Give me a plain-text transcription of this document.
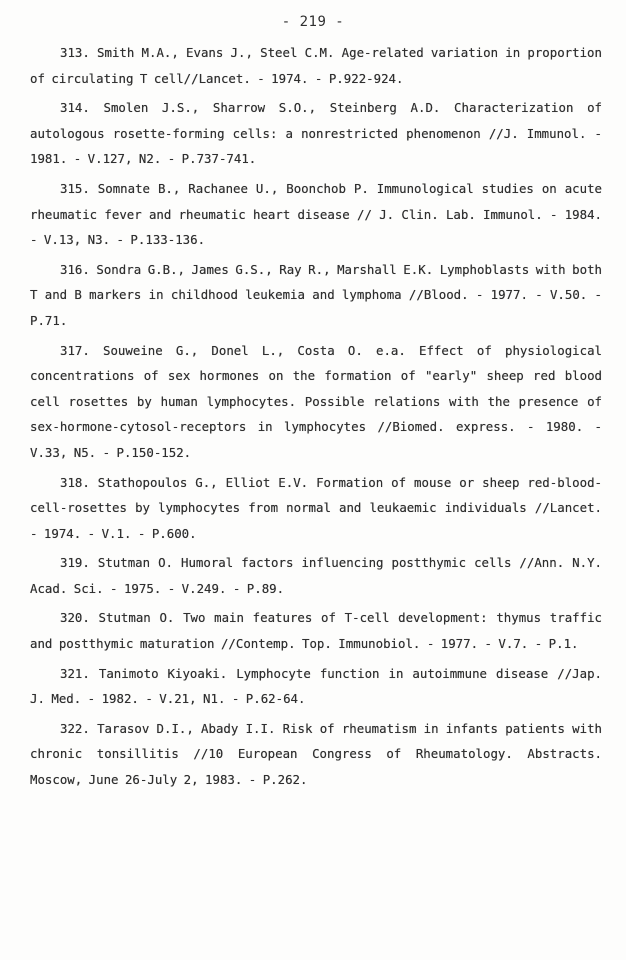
- 219 -

313. Smith M.A., Evans J., Steel C.M. Age-related variation in proportion of circulating T cell//Lancet. - 1974. - P.922-924.

314. Smolen J.S., Sharrow S.O., Steinberg A.D. Characterization of autologous rosette-forming cells: a nonrestricted phenomenon //J. Immunol. - 1981. - V.127, N2. - P.737-741.

315. Somnate B., Rachanee U., Boonchob P. Immunological studies on acute rheumatic fever and rheumatic heart disease // J. Clin. Lab. Immunol. - 1984. - V.13, N3. - P.133-136.

316. Sondra G.B., James G.S., Ray R., Marshall E.K. Lymphoblasts with both T and B markers in childhood leukemia and lymphoma //Blood. - 1977. - V.50. - P.71.

317. Souweine G., Donel L., Costa O. e.a. Effect of physiological concentrations of sex hormones on the formation of "early" sheep red blood cell rosettes by human lymphocytes. Possible relations with the presence of sex-hormone-cytosol-receptors in lymphocytes //Biomed. express. - 1980. - V.33, N5. - P.150-152.

318. Stathopoulos G., Elliot E.V. Formation of mouse or sheep red-blood-cell-rosettes by lymphocytes from normal and leukaemic individuals //Lancet. - 1974. - V.1. - P.600.

319. Stutman O. Humoral factors influencing postthymic cells //Ann. N.Y. Acad. Sci. - 1975. - V.249. - P.89.

320. Stutman O. Two main features of T-cell development: thymus traffic and postthymic maturation //Contemp. Top. Immunobiol. - 1977. - V.7. - P.1.

321. Tanimoto Kiyoaki. Lymphocyte function in autoimmune disease //Jap. J. Med. - 1982. - V.21, N1. - P.62-64.

322. Tarasov D.I., Abady I.I. Risk of rheumatism in infants patients with chronic tonsillitis //10 European Congress of Rheumatology. Abstracts. Moscow, June 26-July 2, 1983. - P.262.
